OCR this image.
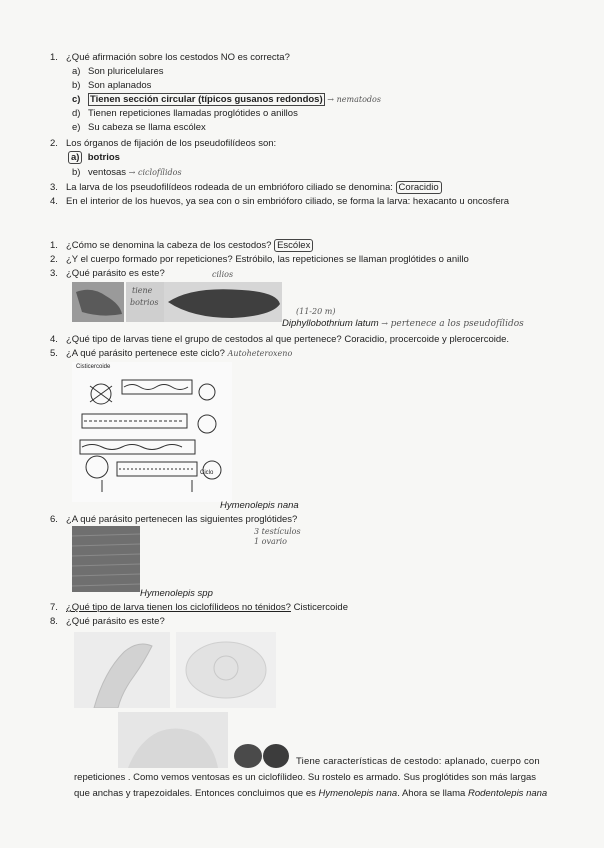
1. ¿Qué afirmación sobre los cestodos NO es correcta?
a) Son pluricelulares
b) Son aplanados
c) Tienen sección circular (típicos gusanos redondos) → nematodos
d) Tienen repeticiones llamadas proglótides o anillos
e) Su cabeza se llama escólex
2. Los órganos de fijación de los pseudofilídeos son:
a) botrios
b) ventosas → ciclofílidos
3. La larva de los pseudofilídeos rodeada de un embrióforo ciliado se denomina: Coracidio
4. En el interior de los huevos, ya sea con o sin embrióforo ciliado, se forma la larva: hexacanto u oncosfera
1. ¿Cómo se denomina la cabeza de los cestodos? Escólex
2. ¿Y el cuerpo formado por repeticiones? Estróbilo, las repeticiones se llaman proglótides o anillo
3. ¿Qué parásito es este?
tiene
botrios
cilios
(11-20 m)
Diphyllobothrium latum → pertenece a los pseudofílidos
4. ¿Qué tipo de larvas tiene el grupo de cestodos al que pertenece? Coracidio, procercoide y plerocercoide.
5. ¿A qué parásito pertenece este ciclo? Autoheteroxeno
Cisticercoide
Ciclo
Hymenolepis nana
6. ¿A qué parásito pertenecen las siguientes proglótides?
3 testículos
1 ovario
Hymenolepis spp
7. ¿Qué tipo de larva tienen los ciclofílideos no ténidos? Cisticercoide
8. ¿Qué parásito es este?
Tiene características de cestodo: aplanado, cuerpo con
repeticiones . Como vemos ventosas es un ciclofílideo. Su rostelo es armado. Sus proglótides son más largas
que anchas y trapezoidales. Entonces concluimos que es Hymenolepis nana. Ahora se llama Rodentolepis nana
